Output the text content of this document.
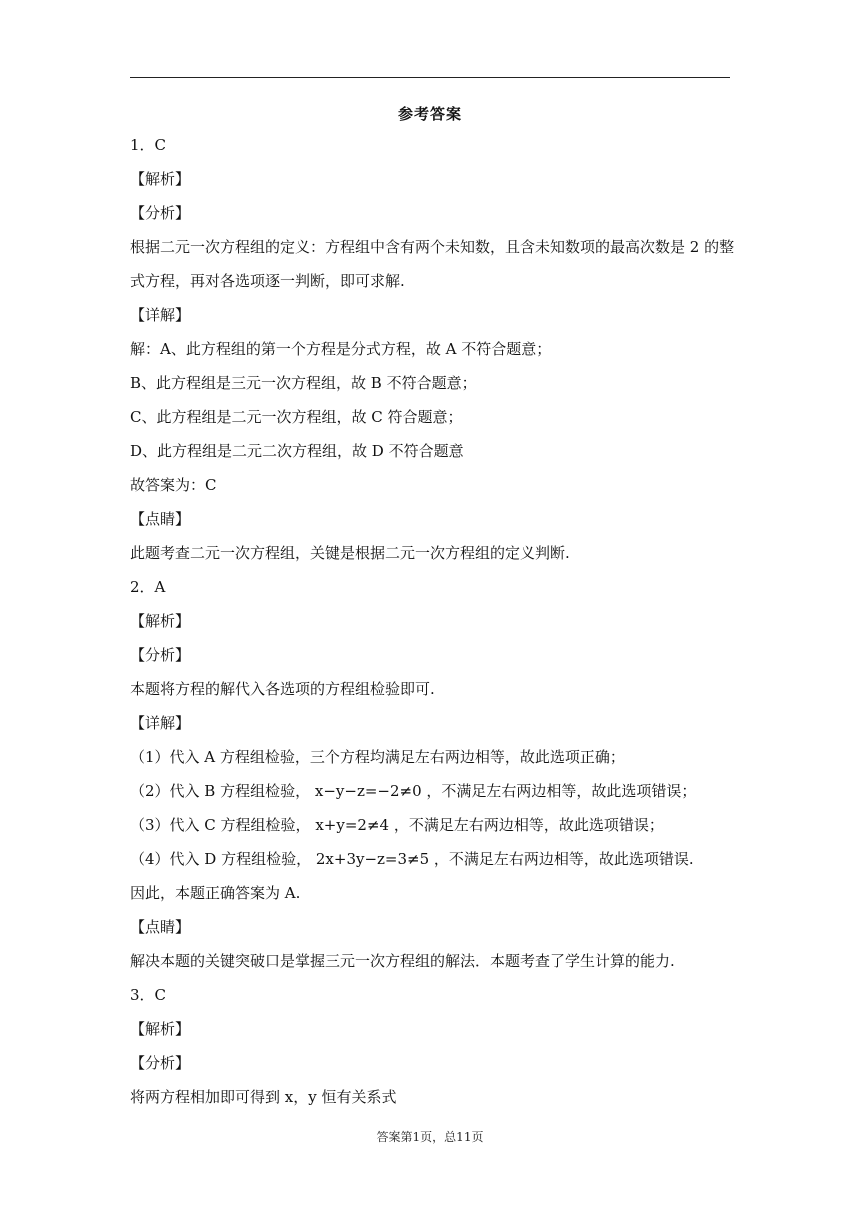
参考答案
1．C
【解析】
【分析】
根据二元一次方程组的定义：方程组中含有两个未知数，且含未知数项的最高次数是 2 的整式方程，再对各选项逐一判断，即可求解.
【详解】
解：A、此方程组的第一个方程是分式方程，故 A 不符合题意；
B、此方程组是三元一次方程组，故 B 不符合题意；
C、此方程组是二元一次方程组，故 C 符合题意；
D、此方程组是二元二次方程组，故 D 不符合题意
故答案为：C
【点睛】
此题考查二元一次方程组，关键是根据二元一次方程组的定义判断.
2．A
【解析】
【分析】
本题将方程的解代入各选项的方程组检验即可.
【详解】
（1）代入 A 方程组检验，三个方程均满足左右两边相等，故此选项正确；
（2）代入 B 方程组检验， x−y−z=−2≠0 ，不满足左右两边相等，故此选项错误；
（3）代入 C 方程组检验， x+y=2≠4 ，不满足左右两边相等，故此选项错误；
（4）代入 D 方程组检验， 2x+3y−z=3≠5 ，不满足左右两边相等，故此选项错误.
因此，本题正确答案为 A.
【点睛】
解决本题的关键突破口是掌握三元一次方程组的解法．本题考查了学生计算的能力.
3．C
【解析】
【分析】
将两方程相加即可得到 x，y 恒有关系式
答案第1页，总11页
